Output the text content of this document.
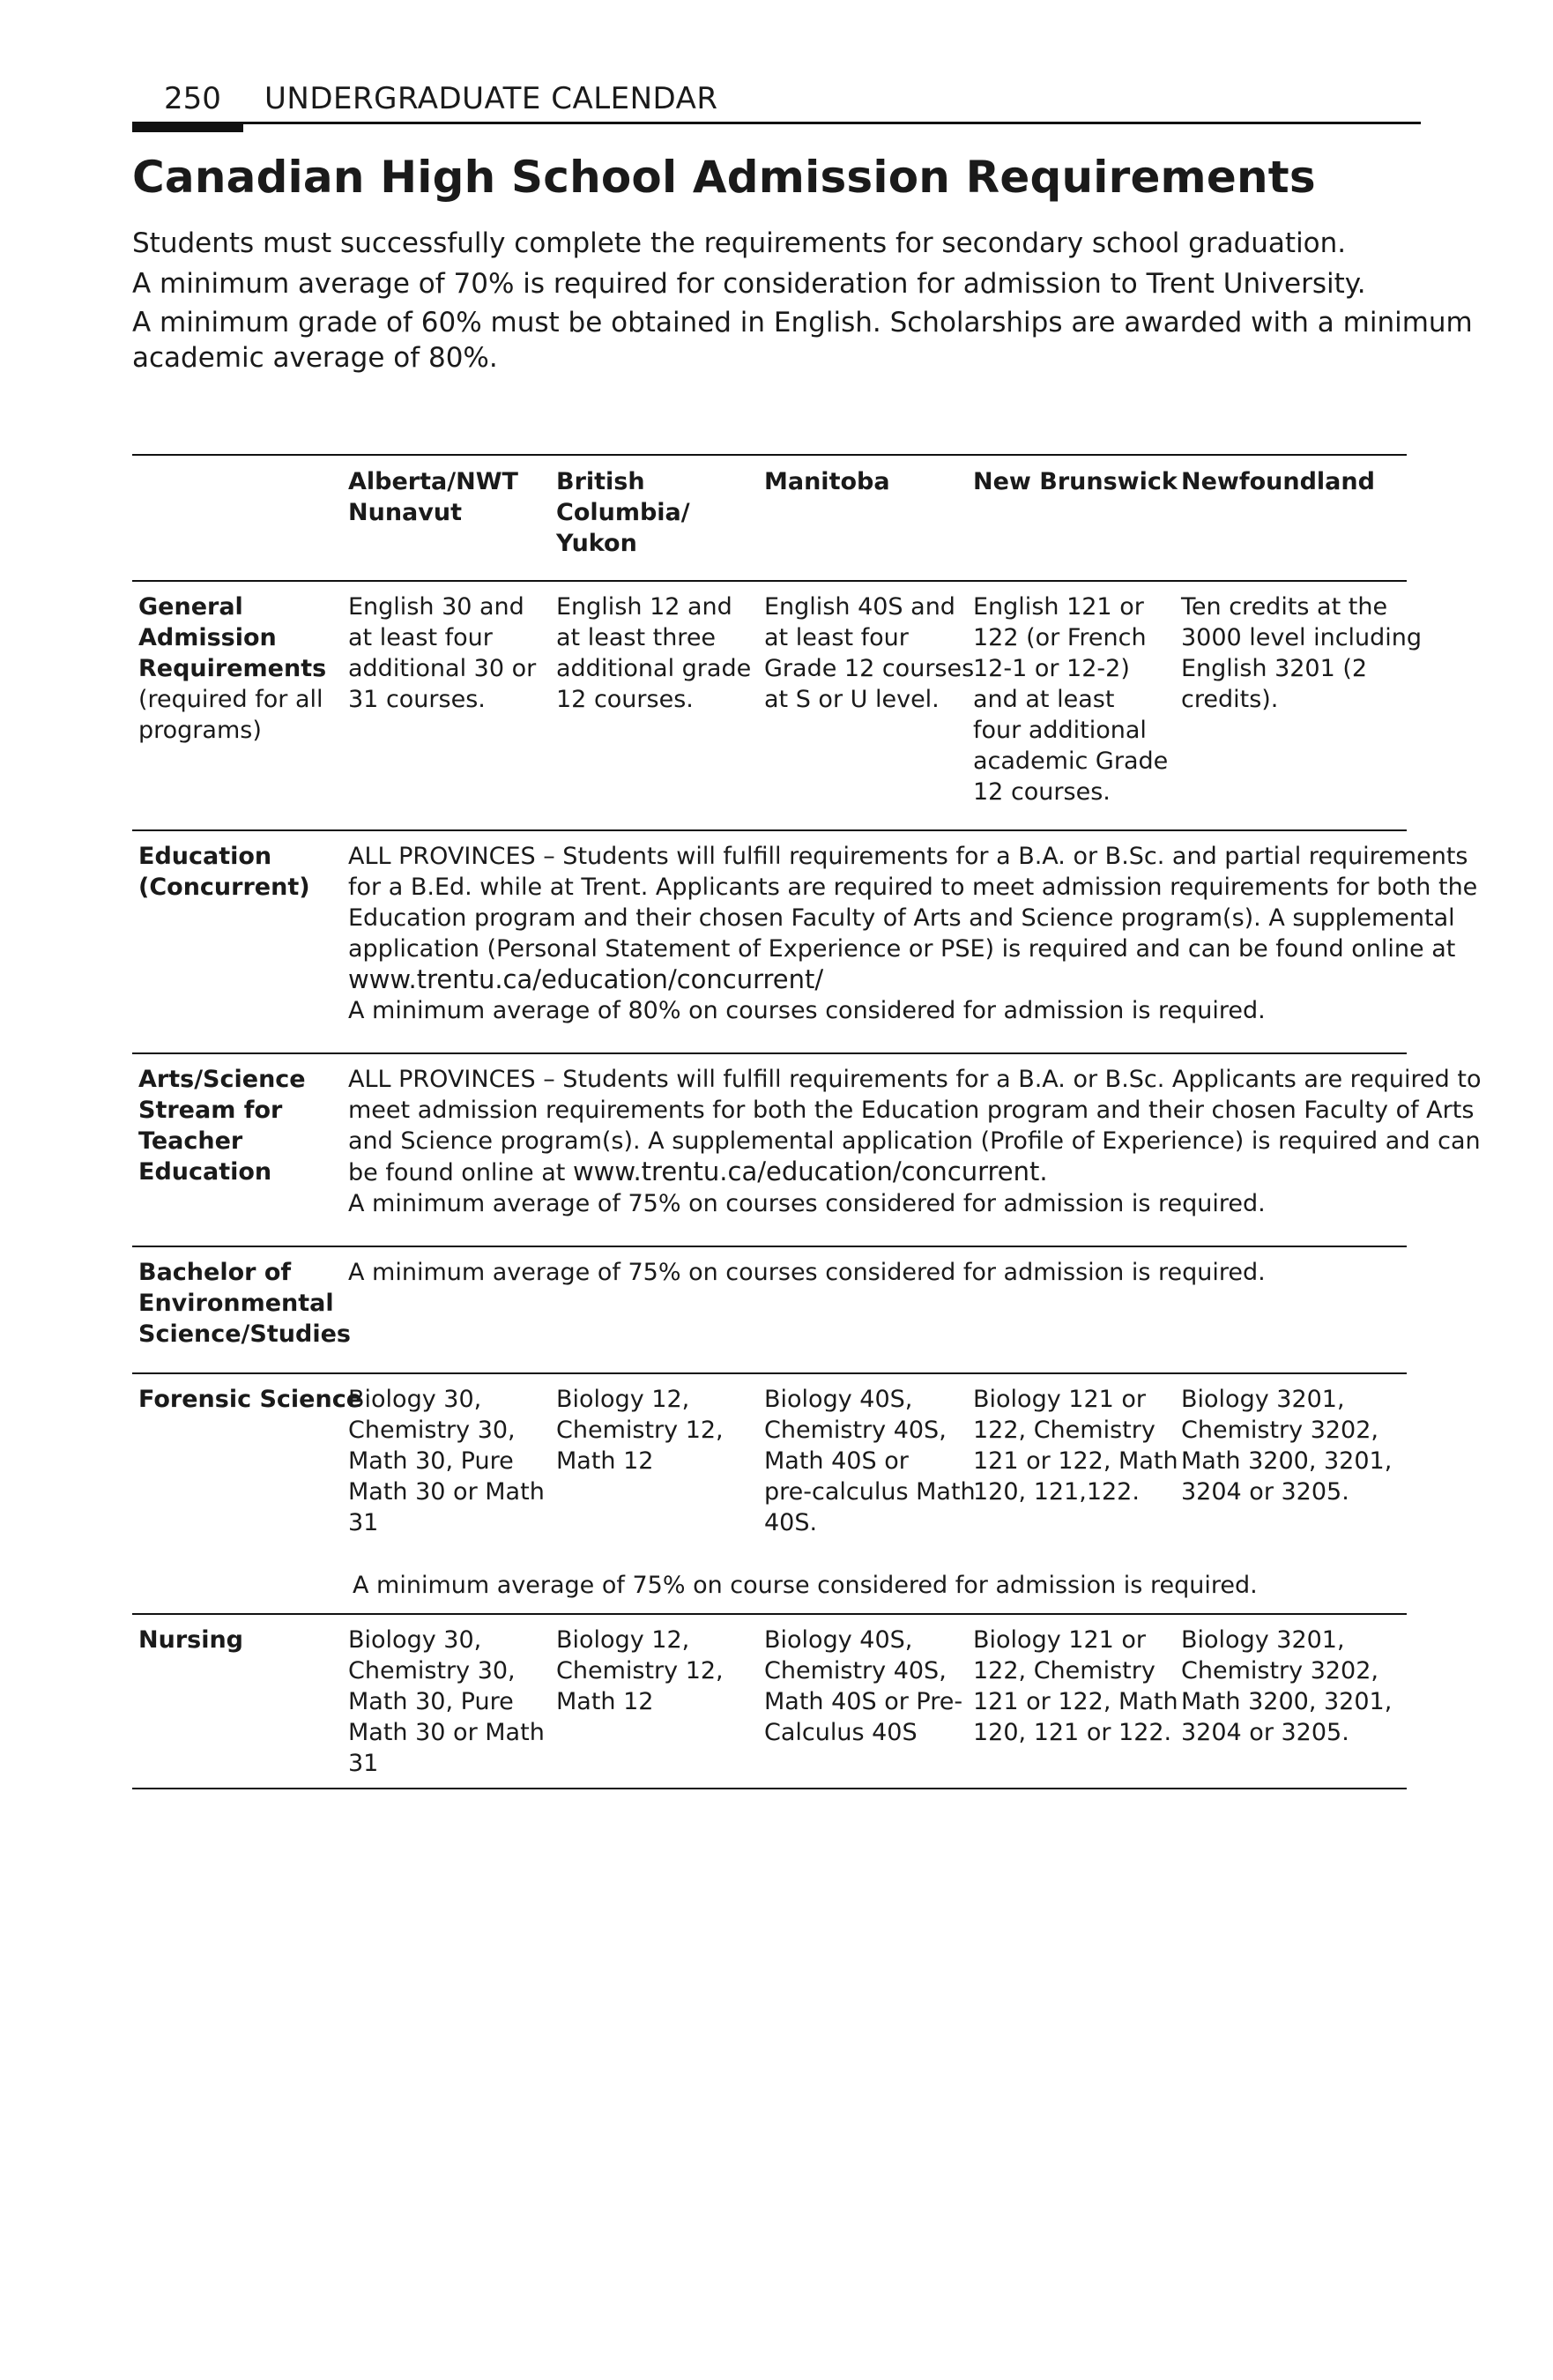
250 UNDERGRADUATE CALENDAR
Canadian High School Admission Requirements

Students must successfully complete the requirements for secondary school graduation.

A minimum average of 70% is required for consideration for admission to Trent University.

A minimum grade of 60% must be obtained in English. Scholarships are awarded with a minimum
academic average of 80%.

Alberta/NWT
Nunavut
British
Columbia/
Yukon
Manitoba	New Brunswick Newfoundland
General
Admission
Requirements
(required for all
programs)
English 30 and
at least four
additional 30 or
31 courses.
English 12 and
at least three
additional grade
12 courses.
English 40S and
at least four
Grade 12 courses
at S or U level.
English 121 or
122 (or French
12-1 or 12-2)
and at least
four additional
academic Grade
12 courses.
Ten credits at the
3000 level including
English 3201 (2
credits).
Education
(Concurrent)
ALL PROVINCES – Students will fulfill requirements for a B.A. or B.Sc. and partial requirements
for a B.Ed. while at Trent. Applicants are required to meet admission requirements for both the
Education program and their chosen Faculty of Arts and Science program(s). A supplemental
application (Personal Statement of Experience or PSE) is required and can be found online at
www.trentu.ca/education/concurrent/
A minimum average of 80% on courses considered for admission is required.
Arts/Science
Stream for
Teacher
Education
ALL PROVINCES – Students will fulfill requirements for a B.A. or B.Sc. Applicants are required to
meet admission requirements for both the Education program and their chosen Faculty of Arts
and Science program(s). A supplemental application (Profile of Experience) is required and can
be found online at www.trentu.ca/education/concurrent.
A minimum average of 75% on courses considered for admission is required.
Bachelor of
Environmental
Science/Studies
A minimum average of 75% on courses considered for admission is required.
Forensic Science
Biology 30,
Chemistry 30,
Math 30, Pure
Math 30 or Math
31
Biology 12,
Chemistry 12,
Math 12
Biology 40S,
Chemistry 40S,
Math 40S or
pre-calculus Math
40S.
Biology 121 or
122, Chemistry
121 or 122, Math
120, 121,122.
Biology 3201,
Chemistry 3202,
Math 3200, 3201,
3204 or 3205.
A minimum average of 75% on course considered for admission is required.
Nursing	Biology 30,
Chemistry 30,
Math 30, Pure
Math 30 or Math
31
Biology 12,
Chemistry 12,
Math 12
Biology 40S,
Chemistry 40S,
Math 40S or Pre-
Calculus 40S
Biology 121 or
122, Chemistry
121 or 122, Math
120, 121 or 122.
Biology 3201,
Chemistry 3202,
Math 3200, 3201,
3204 or 3205.
